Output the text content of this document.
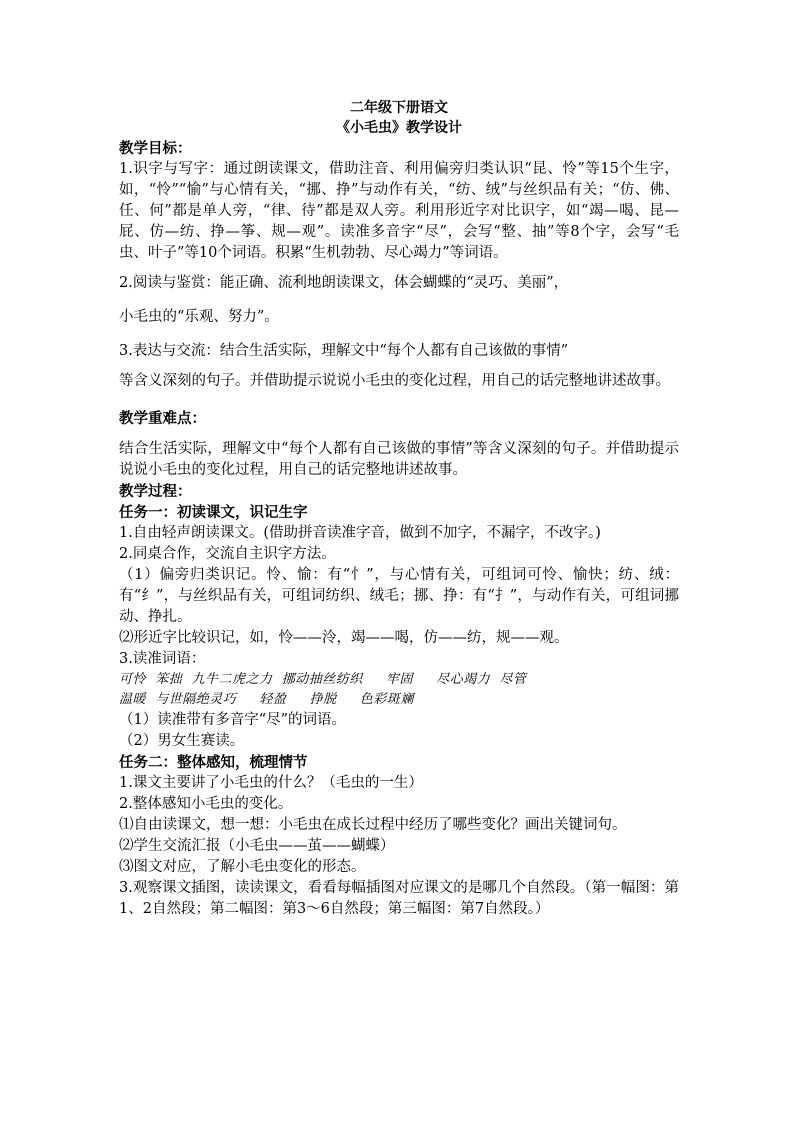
二年级下册语文

《小毛虫》教学设计

教学目标：

1.识字与写字：通过朗读课文，借助注音、利用偏旁归类认识“昆、怜”等15个生字，如，“怜”“愉”与心情有关，“挪、挣”与动作有关，“纺、绒”与丝织品有关；“仿、佛、任、何”都是单人旁，“律、待”都是双人旁。利用形近字对比识字，如“竭—喝、昆—屁、仿—纺、挣—筝、规—观”。读准多音字“尽”，会写“整、抽”等8个字，会写“毛虫、叶子”等10个词语。积累“生机勃勃、尽心竭力”等词语。

2.阅读与鉴赏：能正确、流利地朗读课文，体会蝴蝶的“灵巧、美丽”，

小毛虫的“乐观、努力”。

3.表达与交流：结合生活实际，理解文中“每个人都有自己该做的事情”

等含义深刻的句子。并借助提示说说小毛虫的变化过程，用自己的话完整地讲述故事。

教学重难点：

结合生活实际，理解文中“每个人都有自己该做的事情”等含义深刻的句子。并借助提示说说小毛虫的变化过程，用自己的话完整地讲述故事。

教学过程：

任务一：初读课文，识记生字

1.自由轻声朗读课文。(借助拼音读准字音，做到不加字，不漏字，不改字。)

2.同桌合作，交流自主识字方法。

（1）偏旁归类识记。怜、愉：有“忄”，与心情有关，可组词可怜、愉快；纺、绒：有“纟”，与丝织品有关，可组词纺织、绒毛；挪、挣：有“扌”，与动作有关，可组词挪动、挣扎。

⑵形近字比较识记，如，怜——泠，竭——喝，仿——纺，规——观。

3.读准词语：

可怜  笨拙  九牛二虎之力  挪动抽丝纺织     牢固     尽心竭力  尽管

温暖  与世隔绝灵巧     轻盈     挣脱     色彩斑斓

（1）读准带有多音字“尽”的词语。

（2）男女生赛读。

任务二：整体感知，梳理情节

1.课文主要讲了小毛虫的什么？（毛虫的一生）

2.整体感知小毛虫的变化。

⑴自由读课文，想一想：小毛虫在成长过程中经历了哪些变化？画出关键词句。

⑵学生交流汇报（小毛虫——茧——蝴蝶）

⑶图文对应，了解小毛虫变化的形态。

3.观察课文插图，读读课文，看看每幅插图对应课文的是哪几个自然段。（第一幅图：第1、2自然段；第二幅图：第3～6自然段；第三幅图：第7自然段。）
